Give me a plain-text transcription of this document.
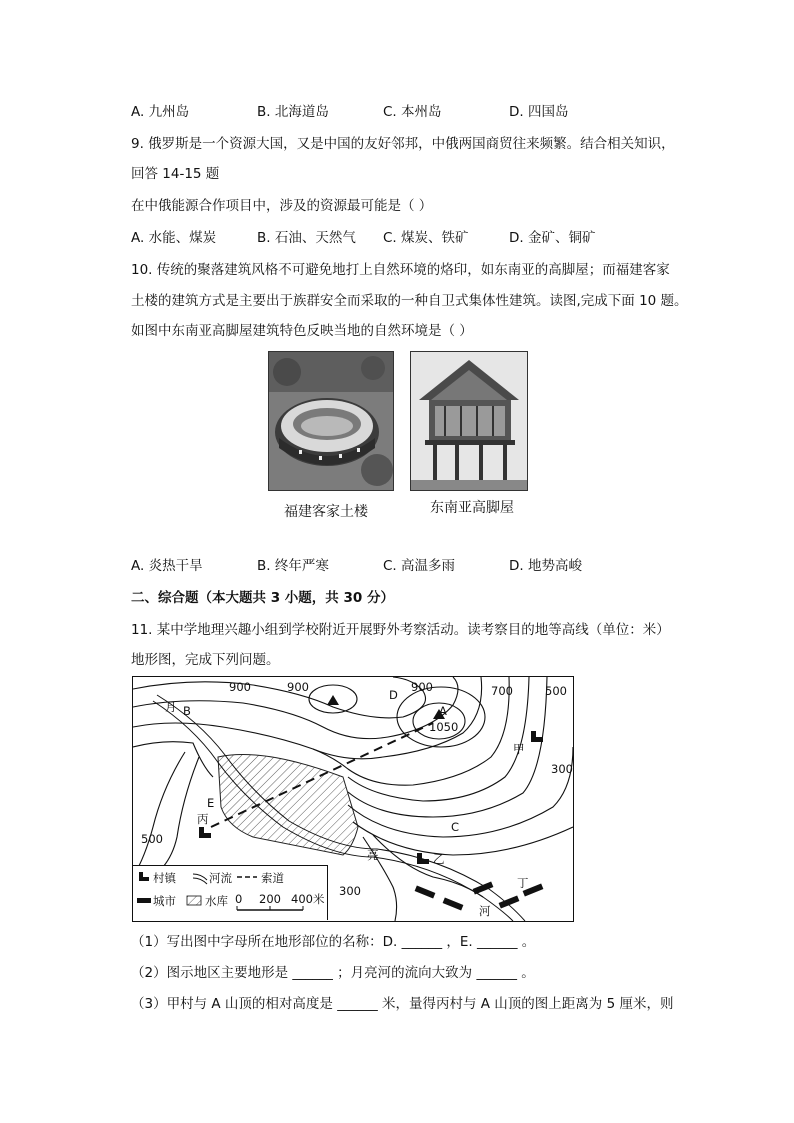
A. 九州岛	B. 北海道岛	C. 本州岛	D. 四国岛
9. 俄罗斯是一个资源大国，又是中国的友好邻邦，中俄两国商贸往来频繁。结合相关知识，
回答 14-15 题
在中俄能源合作项目中，涉及的资源最可能是（ ）
A. 水能、煤炭	B. 石油、天然气 C. 煤炭、铁矿	D. 金矿、铜矿
10. 传统的聚落建筑风格不可避免地打上自然环境的烙印，如东南亚的高脚屋；而福建客家
土楼的建筑方式是主要出于族群安全而采取的一种自卫式集体性建筑。读图,完成下面 10 题。
如图中东南亚高脚屋建筑特色反映当地的自然环境是（ ）
福建客家土楼	东南亚高脚屋
A. 炎热干旱	B. 终年严寒	C. 高温多雨	D. 地势高峻
二、综合题（本大题共 3 小题，共 30 分）
11. 某中学地理兴趣小组到学校附近开展野外考察活动。读考察目的地等高线（单位：米）
地形图，完成下列问题。
900	900	900	700	500
300
500
300
A
1050
B
D
E
C
甲
乙
丙
丁
月
亮
河
村镇	河流	索道
城市	水库 0 200 400米
（1）写出图中字母所在地形部位的名称：D. ______ ，E. ______ 。
（2）图示地区主要地形是 ______ ；月亮河的流向大致为 ______ 。
（3）甲村与 A 山顶的相对高度是 ______ 米，量得丙村与 A 山顶的图上距离为 5 厘米，则
